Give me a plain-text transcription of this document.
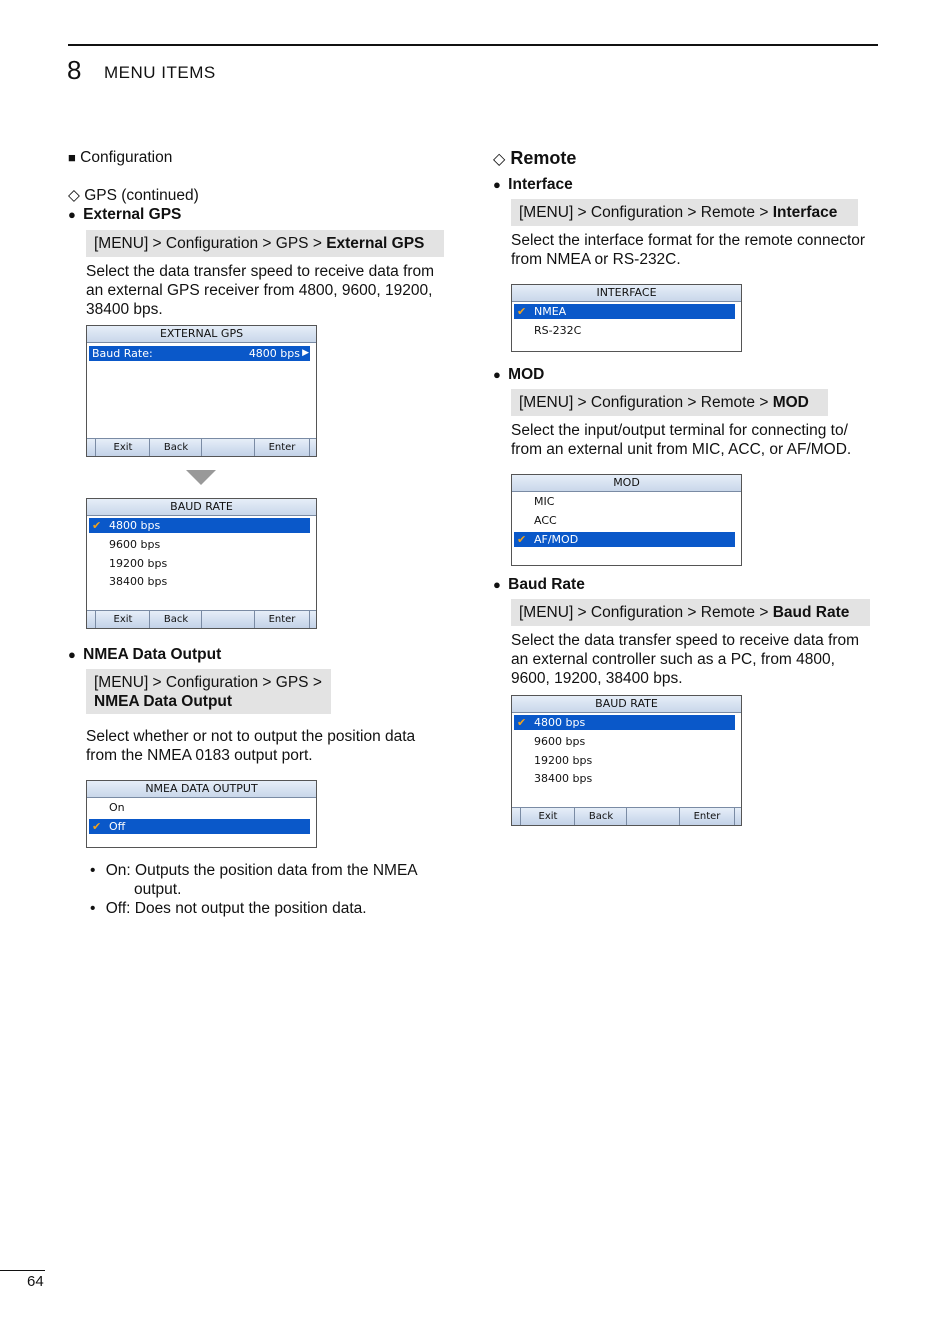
8 MENU ITEMS
■ Configuration
◇ GPS (continued)
● External GPS
[MENU] > Configuration > GPS > External GPS
Select the data transfer speed to receive data from
an external GPS receiver from 4800, 9600, 19200,
38400 bps.
EXTERNAL GPS
Baud Rate:	4800 bps ▶
Exit	Back	Enter
BAUD RATE
✔ 4800 bps
9600 bps
19200 bps
38400 bps
Exit	Back	Enter
● NMEA Data Output
[MENU] > Configuration > GPS >
NMEA Data Output
Select whether or not to output the position data
from the NMEA 0183 output port.
NMEA DATA OUTPUT
On
✔ Off
• On: Outputs the position data from the NMEA
output.
• Off: Does not output the position data.
◇ Remote
● Interface
[MENU] > Configuration > Remote > Interface
Select the interface format for the remote connector
from NMEA or RS-232C.
INTERFACE
✔ NMEA
RS-232C
● MOD
[MENU] > Configuration > Remote > MOD
Select the input/output terminal for connecting to/
from an external unit from MIC, ACC, or AF/MOD.
MOD
MIC
ACC
✔ AF/MOD
● Baud Rate
[MENU] > Configuration > Remote > Baud Rate
Select the data transfer speed to receive data from
an external controller such as a PC, from 4800,
9600, 19200, 38400 bps.
BAUD RATE
✔ 4800 bps
9600 bps
19200 bps
38400 bps
Exit	Back	Enter
64
